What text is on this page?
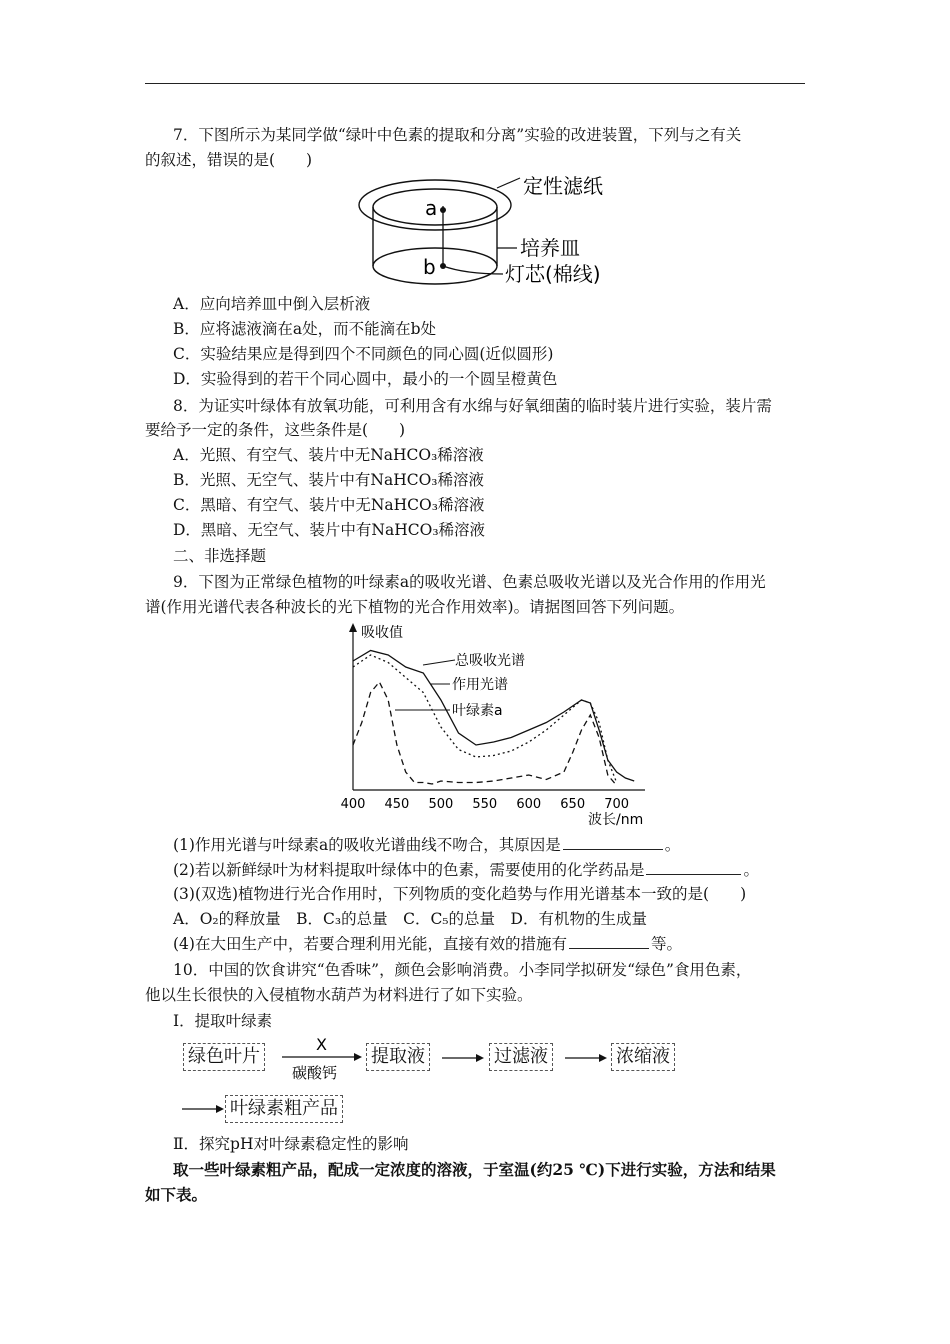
7．下图所示为某同学做“绿叶中色素的提取和分离”实验的改进装置，下列与之有关
的叙述，错误的是(　　)
a
b
定性滤纸
培养皿
灯芯(棉线)
A．应向培养皿中倒入层析液
B．应将滤液滴在a处，而不能滴在b处
C．实验结果应是得到四个不同颜色的同心圆(近似圆形)
D．实验得到的若干个同心圆中，最小的一个圆呈橙黄色
8．为证实叶绿体有放氧功能，可利用含有水绵与好氧细菌的临时装片进行实验，装片需
要给予一定的条件，这些条件是(　　)
A．光照、有空气、装片中无NaHCO₃稀溶液
B．光照、无空气、装片中有NaHCO₃稀溶液
C．黑暗、有空气、装片中无NaHCO₃稀溶液
D．黑暗、无空气、装片中有NaHCO₃稀溶液
二、非选择题
9．下图为正常绿色植物的叶绿素a的吸收光谱、色素总吸收光谱以及光合作用的作用光
谱(作用光谱代表各种波长的光下植物的光合作用效率)。请据图回答下列问题。
吸收值
波长/nm
400 450 500 550 600 650 700
总吸收光谱
作用光谱
叶绿素a
(1)作用光谱与叶绿素a的吸收光谱曲线不吻合，其原因是	。
(2)若以新鲜绿叶为材料提取叶绿体中的色素，需要使用的化学药品是	。
(3)(双选)植物进行光合作用时，下列物质的变化趋势与作用光谱基本一致的是(　　)
A．O₂的释放量　B．C₃的总量　C．C₅的总量　D．有机物的生成量
(4)在大田生产中，若要合理利用光能，直接有效的措施有	等。
10．中国的饮食讲究“色香味”，颜色会影响消费。小李同学拟研发“绿色”食用色素，
他以生长很快的入侵植物水葫芦为材料进行了如下实验。
Ⅰ．提取叶绿素
绿色叶片
X
碳酸钙
提取液	过滤液	浓缩液
叶绿素粗产品
Ⅱ．探究pH对叶绿素稳定性的影响
取一些叶绿素粗产品，配成一定浓度的溶液，于室温(约25 ℃)下进行实验，方法和结果
如下表。
